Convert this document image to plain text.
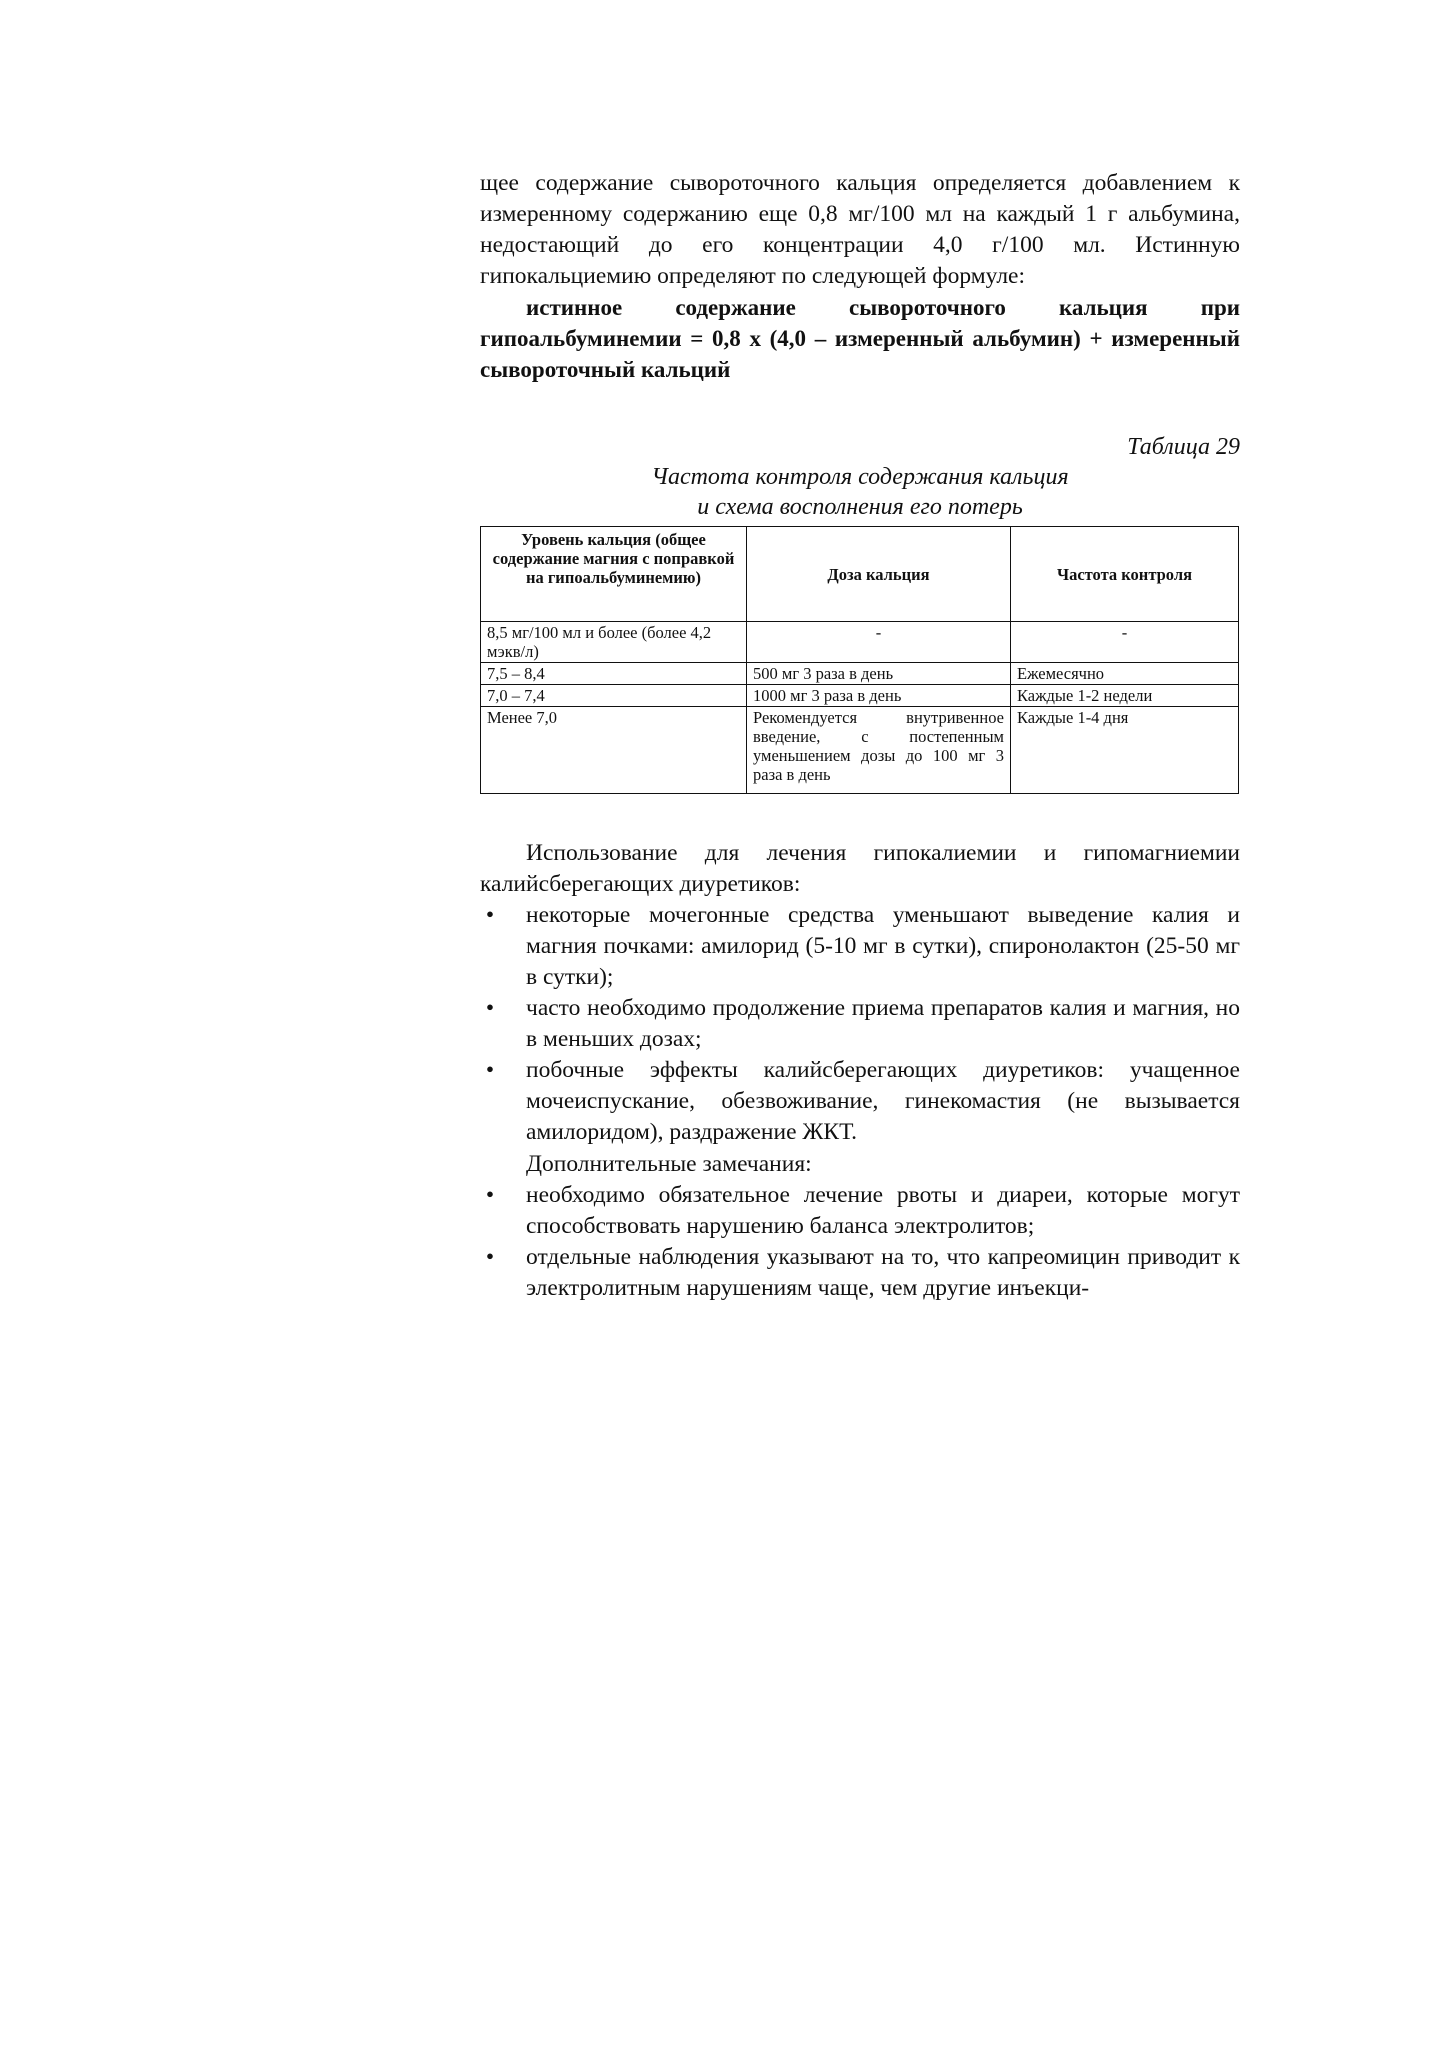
щее содержание сывороточного кальция определяется добавлением к измеренному содержанию еще 0,8 мг/100 мл на каждый 1 г альбумина, недостающий до его концентрации 4,0 г/100 мл. Истинную гипокальциемию определяют по следующей формуле:
истинное содержание сывороточного кальция при гипоальбуминемии = 0,8 х (4,0 – измеренный альбумин) + измеренный сывороточный кальций
Таблица 29
Частота контроля содержания кальция
и схема восполнения его потерь
Уровень кальция (общее содержание магния с поправкой на гипоальбуминемию)	Доза кальция	Частота контроля
8,5 мг/100 мл и более (более 4,2 мэкв/л)	-	-
7,5 – 8,4	500 мг 3 раза в день	Ежемесячно
7,0 – 7,4	1000 мг 3 раза в день	Каждые 1-2 недели
Менее 7,0	Рекомендуется внутривенное введение, с постепенным уменьшением дозы до 100 мг 3 раза в день	Каждые 1-4 дня
Использование для лечения гипокалиемии и гипомагниемии калийсберегающих диуретиков:
• некоторые мочегонные средства уменьшают выведение калия и магния почками: амилорид (5-10 мг в сутки), спиронолактон (25-50 мг в сутки);
• часто необходимо продолжение приема препаратов калия и магния, но в меньших дозах;
• побочные эффекты калийсберегающих диуретиков: учащенное мочеиспускание, обезвоживание, гинекомастия (не вызывается амилоридом), раздражение ЖКТ.
Дополнительные замечания:
• необходимо обязательное лечение рвоты и диареи, которые могут способствовать нарушению баланса электролитов;
• отдельные наблюдения указывают на то, что капреомицин приводит к электролитным нарушениям чаще, чем другие инъекци-
